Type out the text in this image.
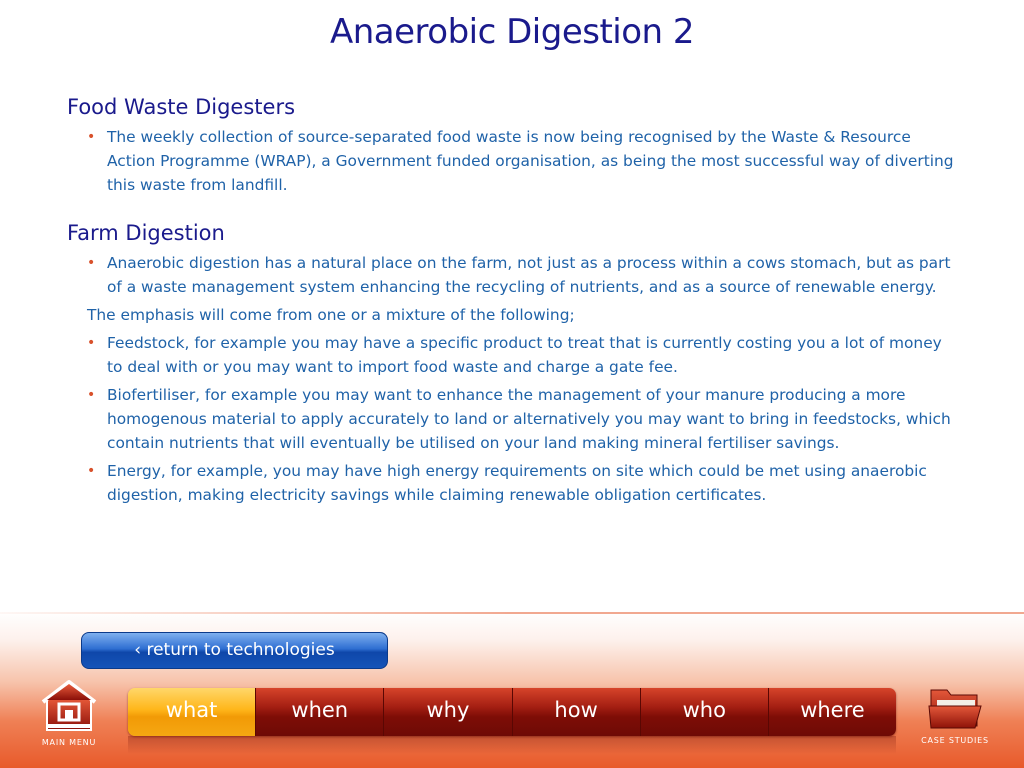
Anaerobic Digestion 2
Food Waste Digesters
• The weekly collection of source-separated food waste is now being recognised by the Waste & Resource Action Programme (WRAP), a Government funded organisation, as being the most successful way of diverting this waste from landfill.
Farm Digestion
• Anaerobic digestion has a natural place on the farm, not just as a process within a cows stomach, but as part of a waste management system enhancing the recycling of nutrients, and as a source of renewable energy.
The emphasis will come from one or a mixture of the following;
• Feedstock, for example you may have a specific product to treat that is currently costing you a lot of money to deal with or you may want to import food waste and charge a gate fee.
• Biofertiliser, for example you may want to enhance the management of your manure producing a more homogenous material to apply accurately to land or alternatively you may want to bring in feedstocks, which contain nutrients that will eventually be utilised on your land making mineral fertiliser savings.
• Energy, for example, you may have high energy requirements on site which could be met using anaerobic digestion, making electricity savings while claiming renewable obligation certificates.
‹ return to technologies
what	when	why	how	who	where
MAIN MENU	CASE STUDIES
